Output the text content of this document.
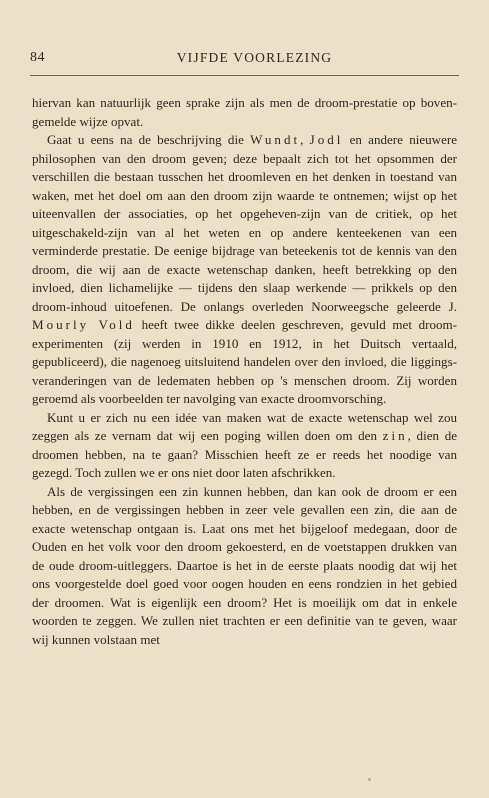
84	VIJFDE VOORLEZING

hiervan kan natuurlijk geen sprake zijn als men de droom-prestatie op boven-gemelde wijze opvat.

Gaat u eens na de beschrijving die Wundt, Jodl en andere nieuwere philosophen van den droom geven; deze bepaalt zich tot het opsommen der verschillen die bestaan tusschen het droomleven en het denken in toestand van waken, met het doel om aan den droom zijn waarde te ontnemen; wijst op het uiteenvallen der associaties, op het opgeheven-zijn van de critiek, op het uitgeschakeld-zijn van al het weten en op andere kenteekenen van een verminderde prestatie. De eenige bijdrage van beteekenis tot de kennis van den droom, die wij aan de exacte wetenschap danken, heeft betrekking op den invloed, dien lichamelijke — tijdens den slaap werkende — prikkels op den droom-inhoud uitoefenen. De onlangs overleden Noorweegsche geleerde J. Mourly Vold heeft twee dikke deelen geschreven, gevuld met droom-experimenten (zij werden in 1910 en 1912, in het Duitsch vertaald, gepubliceerd), die nagenoeg uitsluitend handelen over den invloed, die liggings-veranderingen van de ledematen hebben op 's menschen droom. Zij worden geroemd als voorbeelden ter navolging van exacte droomvorsching.

Kunt u er zich nu een idée van maken wat de exacte wetenschap wel zou zeggen als ze vernam dat wij een poging willen doen om den zin, dien de droomen hebben, na te gaan? Misschien heeft ze er reeds het noodige van gezegd. Toch zullen we er ons niet door laten afschrikken.

Als de vergissingen een zin kunnen hebben, dan kan ook de droom er een hebben, en de vergissingen hebben in zeer vele gevallen een zin, die aan de exacte wetenschap ontgaan is. Laat ons met het bijgeloof medegaan, door de Ouden en het volk voor den droom gekoesterd, en de voetstappen drukken van de oude droom-uitleggers. Daartoe is het in de eerste plaats noodig dat wij het ons voorgestelde doel goed voor oogen houden en eens rondzien in het gebied der droomen. Wat is eigenlijk een droom? Het is moeilijk om dat in enkele woorden te zeggen. We zullen niet trachten er een definitie van te geven, waar wij kunnen volstaan met
